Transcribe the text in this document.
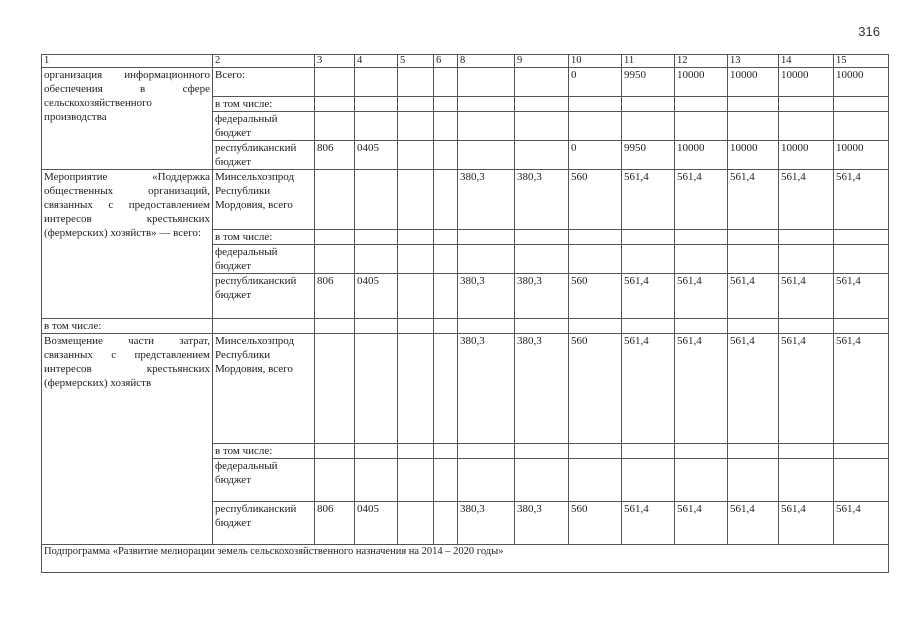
316
1	2	3	4	5	6	8	9	10	11	12	13	14	15
организация информационного обеспечения в сфере сельскохозяйственного производства	Всего:							0	9950	10000	10000	10000	10000
	в том числе:												
	федеральный бюджет												
	республиканский бюджет	806	0405					0	9950	10000	10000	10000	10000
Мероприятие «Поддержка общественных организаций, связанных с предоставлением интересов крестьянских (фермерских) хозяйств» — всего:	Минсельхозпрод Республики Мордовия, всего					380,3	380,3	560	561,4	561,4	561,4	561,4	561,4
	в том числе:												
	федеральный бюджет												
	республиканский бюджет	806	0405			380,3	380,3	560	561,4	561,4	561,4	561,4	561,4
в том числе:													
Возмещение части затрат, связанных с представлением интересов крестьянских (фермерских) хозяйств	Минсельхозпрод Республики Мордовия, всего					380,3	380,3	560	561,4	561,4	561,4	561,4	561,4
	в том числе:												
	федеральный бюджет												
	республиканский бюджет	806	0405			380,3	380,3	560	561,4	561,4	561,4	561,4	561,4
Подпрограмма «Развитие мелиорации земель сельскохозяйственного назначения на 2014 – 2020 годы»													
